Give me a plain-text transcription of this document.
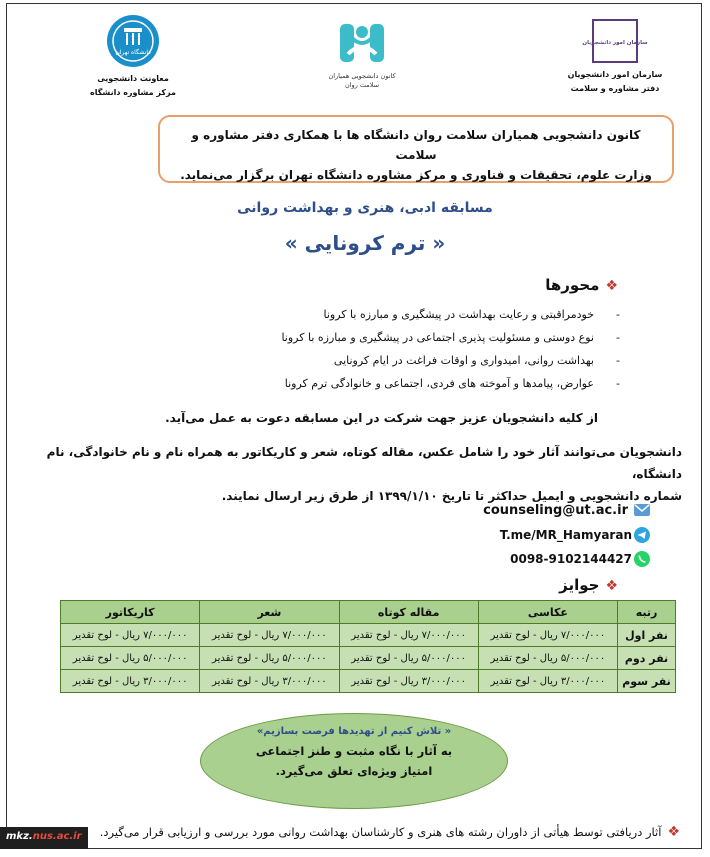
دانشگاه تهران
معاونت دانشجویی
مرکز مشاوره دانشگاه
کانون دانشجویی همیاران
سلامت روان
سازمان امور دانشجویان
سازمان امور دانشجویان
دفتر مشاوره و سلامت
کانون دانشجویی همیاران سلامت روان دانشگاه ها با همکاری دفتر مشاوره و سلامت
وزارت علوم، تحقیقات و فناوری و مرکز مشاوره دانشگاه تهران برگزار می‌نماید.
مسابقه ادبی، هنری و بهداشت روانی
« ترم کرونایی »
❖محورها
- خودمراقبتی و رعایت بهداشت در پیشگیری و مبارزه با کرونا
- نوع دوستی و مسئولیت پذیری اجتماعی در پیشگیری و مبارزه با کرونا
- بهداشت روانی، امیدواری و اوقات فراغت در ایام کرونایی
- عوارض، پیامدها و آموخته های فردی، اجتماعی و خانوادگی ترم کرونا
از کلیه دانشجویان عزیز جهت شرکت در این مسابقه دعوت به عمل می‌آید.
دانشجویان می‌توانند آثار خود را شامل عکس، مقاله کوتاه، شعر و کاریکاتور به همراه نام و نام خانوادگی، نام دانشگاه،
شماره دانشجویی و ایمیل حداکثر تا تاریخ ۱۳۹۹/۱/۱۰ از طرق زیر ارسال نمایند.
counseling@ut.ac.ir
T.me/MR_Hamyaran
0098-9102144427
❖جوایز
رتبه	عکاسی	مقاله کوتاه	شعر	کاریکاتور
نفر اول	۷/۰۰۰/۰۰۰ ریال - لوح تقدیر	۷/۰۰۰/۰۰۰ ریال - لوح تقدیر	۷/۰۰۰/۰۰۰ ریال - لوح تقدیر	۷/۰۰۰/۰۰۰ ریال - لوح تقدیر
نفر دوم	۵/۰۰۰/۰۰۰ ریال - لوح تقدیر	۵/۰۰۰/۰۰۰ ریال - لوح تقدیر	۵/۰۰۰/۰۰۰ ریال - لوح تقدیر	۵/۰۰۰/۰۰۰ ریال - لوح تقدیر
نفر سوم	۳/۰۰۰/۰۰۰ ریال - لوح تقدیر	۳/۰۰۰/۰۰۰ ریال - لوح تقدیر	۳/۰۰۰/۰۰۰ ریال - لوح تقدیر	۳/۰۰۰/۰۰۰ ریال - لوح تقدیر
« تلاش کنیم از تهدیدها فرصت بسازیم»
به آثار با نگاه مثبت و طنز اجتماعی
امتیاز ویژه‌ای تعلق می‌گیرد.
❖آثار دریافتی توسط هیأتی از داوران رشته های هنری و کارشناسان بهداشت روانی مورد بررسی و ارزیابی قرار می‌گیرد.
mkz.nus.ac.ir
